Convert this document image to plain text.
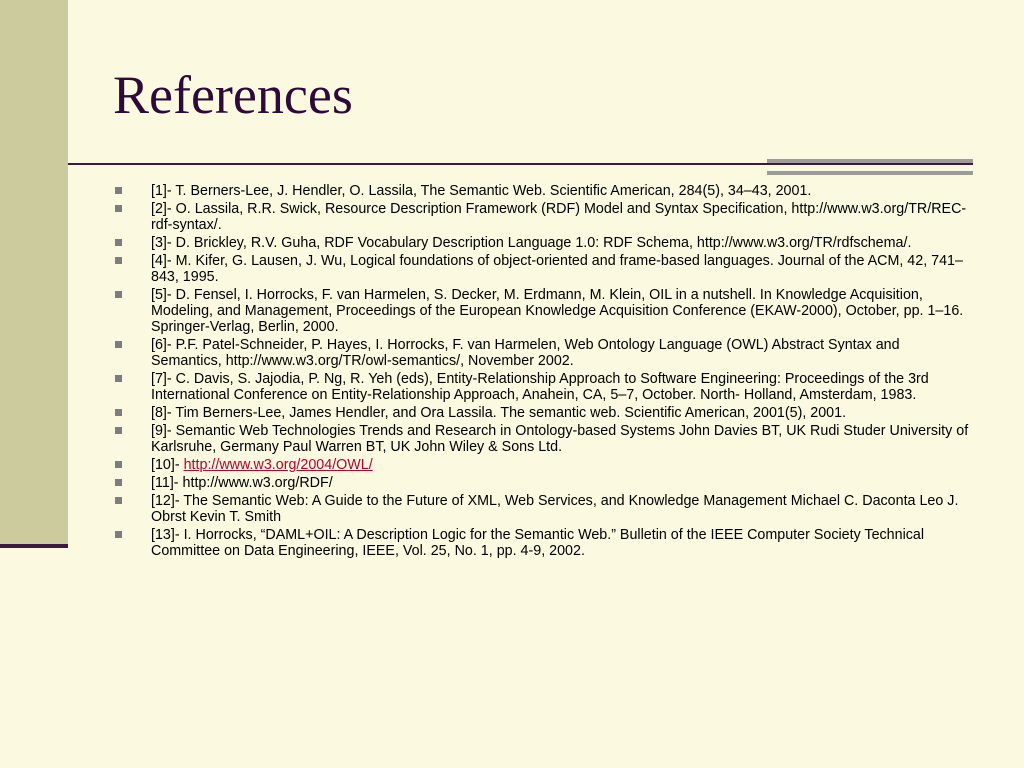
References
[1]- T. Berners-Lee, J. Hendler, O. Lassila, The Semantic Web. Scientific American, 284(5), 34–43, 2001.
[2]- O. Lassila, R.R. Swick, Resource Description Framework (RDF) Model and Syntax Specification, http://www.w3.org/TR/REC-rdf-syntax/.
[3]- D. Brickley, R.V. Guha, RDF Vocabulary Description Language 1.0: RDF Schema, http://www.w3.org/TR/rdfschema/.
[4]- M. Kifer, G. Lausen, J. Wu, Logical foundations of object-oriented and frame-based languages. Journal of the ACM, 42, 741–843, 1995.
[5]- D. Fensel, I. Horrocks, F. van Harmelen, S. Decker, M. Erdmann, M. Klein, OIL in a nutshell. In Knowledge Acquisition, Modeling, and Management, Proceedings of the European Knowledge Acquisition Conference (EKAW-2000), October, pp. 1–16. Springer-Verlag, Berlin, 2000.
[6]- P.F. Patel-Schneider, P. Hayes, I. Horrocks, F. van Harmelen, Web Ontology Language (OWL) Abstract Syntax and Semantics, http://www.w3.org/TR/owl-semantics/, November 2002.
[7]- C. Davis, S. Jajodia, P. Ng, R. Yeh (eds), Entity-Relationship Approach to Software Engineering: Proceedings of the 3rd International Conference on Entity-Relationship Approach, Anahein, CA, 5–7, October. North- Holland, Amsterdam, 1983.
[8]- Tim Berners-Lee, James Hendler, and Ora Lassila. The semantic web. Scientific American, 2001(5), 2001.
[9]- Semantic Web Technologies Trends and Research in Ontology-based Systems John Davies BT, UK Rudi Studer University of Karlsruhe, Germany Paul Warren BT, UK John Wiley & Sons Ltd.
[10]- http://www.w3.org/2004/OWL/
[11]- http://www.w3.org/RDF/
[12]- The Semantic Web: A Guide to the Future of XML, Web Services, and Knowledge Management Michael C. Daconta Leo J. Obrst Kevin T. Smith
[13]- I. Horrocks, “DAML+OIL: A Description Logic for the Semantic Web.” Bulletin of the IEEE Computer Society Technical Committee on Data Engineering, IEEE, Vol. 25, No. 1, pp. 4-9, 2002.
